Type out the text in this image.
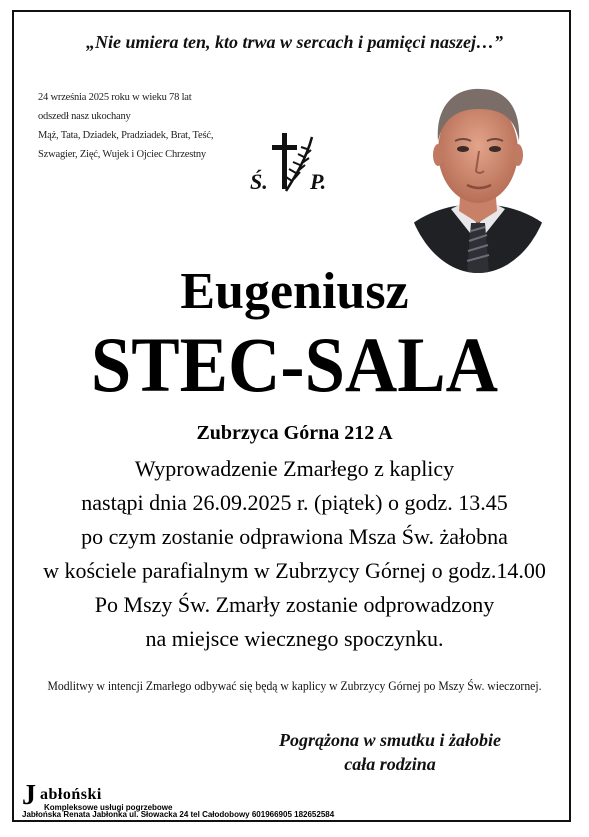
„Nie umiera ten, kto trwa w sercach i pamięci naszej…”
24 września 2025 roku w wieku 78 lat
odszedł nasz ukochany
Mąż, Tata, Dziadek, Pradziadek, Brat, Teść,
Szwagier, Zięć, Wujek i Ojciec Chrzestny
Ś. P.
Eugeniusz
STEC-SALA
Zubrzyca Górna 212 A
Wyprowadzenie Zmarłego z kaplicy
nastąpi dnia 26.09.2025 r. (piątek) o godz. 13.45
po czym zostanie odprawiona Msza Św. żałobna
w kościele parafialnym w Zubrzycy Górnej o godz.14.00
Po Mszy Św. Zmarły zostanie odprowadzony
na miejsce wiecznego spoczynku.
Modlitwy w intencji Zmarłego odbywać się będą w kaplicy w Zubrzycy Górnej po Mszy Św. wieczornej.
Pogrążona w smutku i żałobie
cała rodzina
J abłoński
Kompleksowe usługi pogrzebowe
Jabłońska Renata Jabłonka ul. Słowacka 24 tel Całodobowy 601966905 182652584
